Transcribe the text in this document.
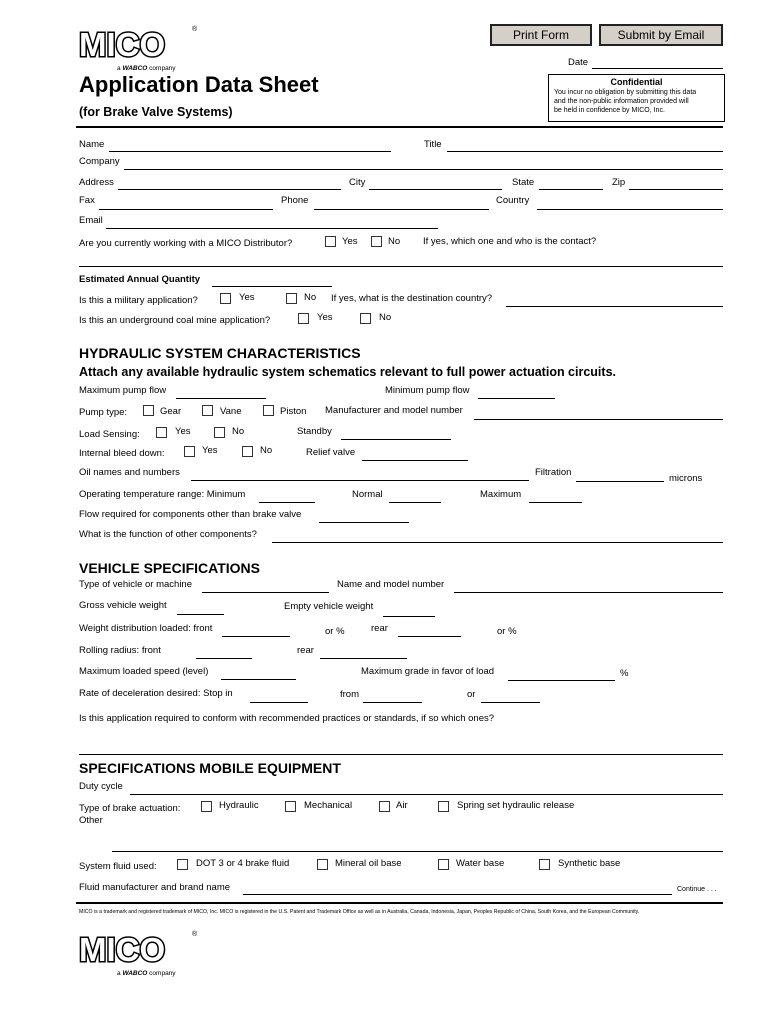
Print Form	Submit by Email
MICO	®
a WABCO company
Application Data Sheet
(for Brake Valve Systems)
Date
Confidential
You incur no obligation by submitting this data
and the non-public information provided will
be held in confidence by MICO, Inc.
Name	Title
Company
Address	City	State	Zip
Fax	Phone	Country
Email
Are you currently working with a MICO Distributor?	Yes	No If yes, which one and who is the contact?
Estimated Annual Quantity
Is this a military application?	Yes	No If yes, what is the destination country?
Is this an underground coal mine application?	Yes	No
HYDRAULIC SYSTEM CHARACTERISTICS
Attach any available hydraulic system schematics relevant to full power actuation circuits.
Maximum pump flow	Minimum pump flow
Pump type:	Gear	Vane	Piston Manufacturer and model number
Load Sensing:	Yes	No	Standby
Internal bleed down:	Yes	No	Relief valve
Oil names and numbers	Filtration
microns
Operating temperature range: Minimum	Normal	Maximum
Flow required for components other than brake valve
What is the function of other components?
VEHICLE SPECIFICATIONS
Type of vehicle or machine	Name and model number
Gross vehicle weight	Empty vehicle weight
Weight distribution loaded: front	or %	rear	or %
Rolling radius: front	rear
Maximum loaded speed (level)	Maximum grade in favor of load	%
Rate of deceleration desired: Stop in	from	or
Is this application required to conform with recommended practices or standards, if so which ones?
SPECIFICATIONS MOBILE EQUIPMENT
Duty cycle
Type of brake actuation:	Hydraulic	Mechanical	Air	Spring set hydraulic release
Other
System fluid used:	DOT 3 or 4 brake fluid	Mineral oil base	Water base	Synthetic base
Fluid manufacturer and brand name	Continue . . .
MICO is a trademark and registered trademark of MICO, Inc. MICO is registered in the U.S. Patent and Trademark Office as well as in Australia, Canada, Indonesia, Japan, Peoples Republic of China, South Korea, and the European Community.
MICO	®
a WABCO company
